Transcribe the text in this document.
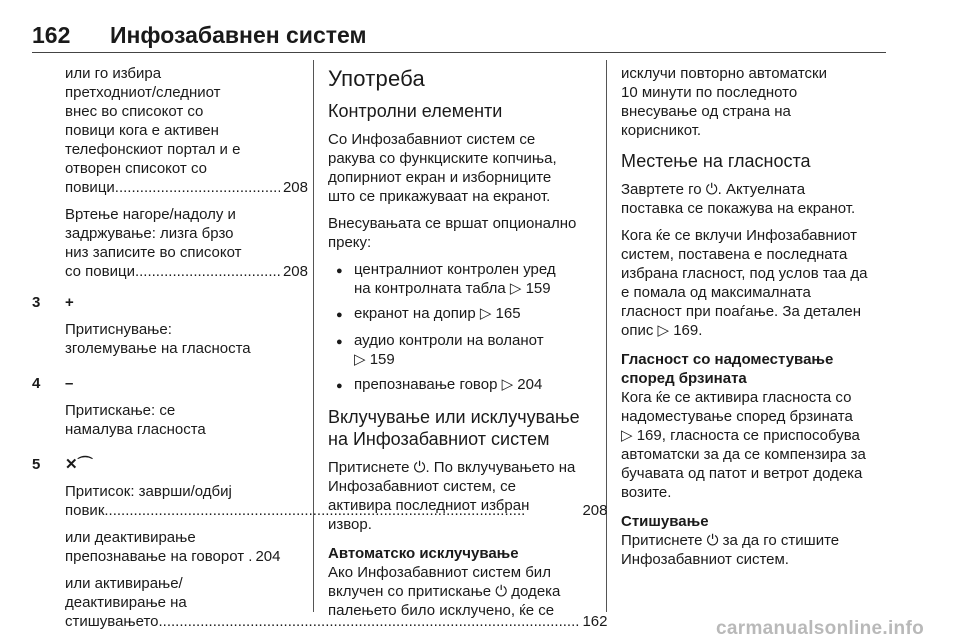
162	Инфозабавнен систем

или го избира
претходниот/следниот
внес во списокот со
повици кога е активен
телефонскиот портал и е
отворен списокот со

повици .....	208

Вртење нагоре/надолу и
задржување: лизга брзо
низ записите во списокот

со повици .....	208
3	+

Притиснување:
зголемување на гласноста

4	–

Притискање: се
намалува гласноста

5	✕⌒

Притисок: заврши/одбиј

повик .....	208

или деактивирање

препознавање на говорот . 204

или активирање/
деактивирање на

стишувањето .....	162
Употреба
Контролни елементи

Со Инфозабавниот систем се
ракува со функциските копчиња,
допирниот екран и изборниците
што се прикажуваат на екранот.

Внесувањата се вршат опционално
преку:

●
централниот контролен уред
на контролната табла ▷ 159
●
екранот на допир ▷ 165
●
аудио контроли на воланот
▷ 159
●
препознавање говор ▷ 204
Вклучување или исклучување
на Инфозабавниот систем

Притиснете ⏻. По вклучувањето на
Инфозабавниот систем, се
активира последниот избран
извор.

Автоматско исклучување

Ако Инфозабавниот систем бил
вклучен со притискање ⏻ додека
палењето било исклучено, ќе се

исклучи повторно автоматски
10 минути по последното
внесување од страна на
корисникот.

Местење на гласноста

Завртете го ⏻. Актуелната
поставка се покажува на екранот.

Кога ќе се вклучи Инфозабавниот
систем, поставена е последната
избрана гласност, под услов таа да
е помала од максималната
гласност при поаѓање. За детален
опис ▷ 169.

Гласност со надоместување
според брзината

Кога ќе се активира гласноста со
надоместување според брзината
▷ 169, гласноста се приспособува
автоматски за да се компензира за
бучавата од патот и ветрот додека
возите.

Стишување

Притиснете ⏻ за да го стишите
Инфозабавниот систем.

carmanualsonline.info
